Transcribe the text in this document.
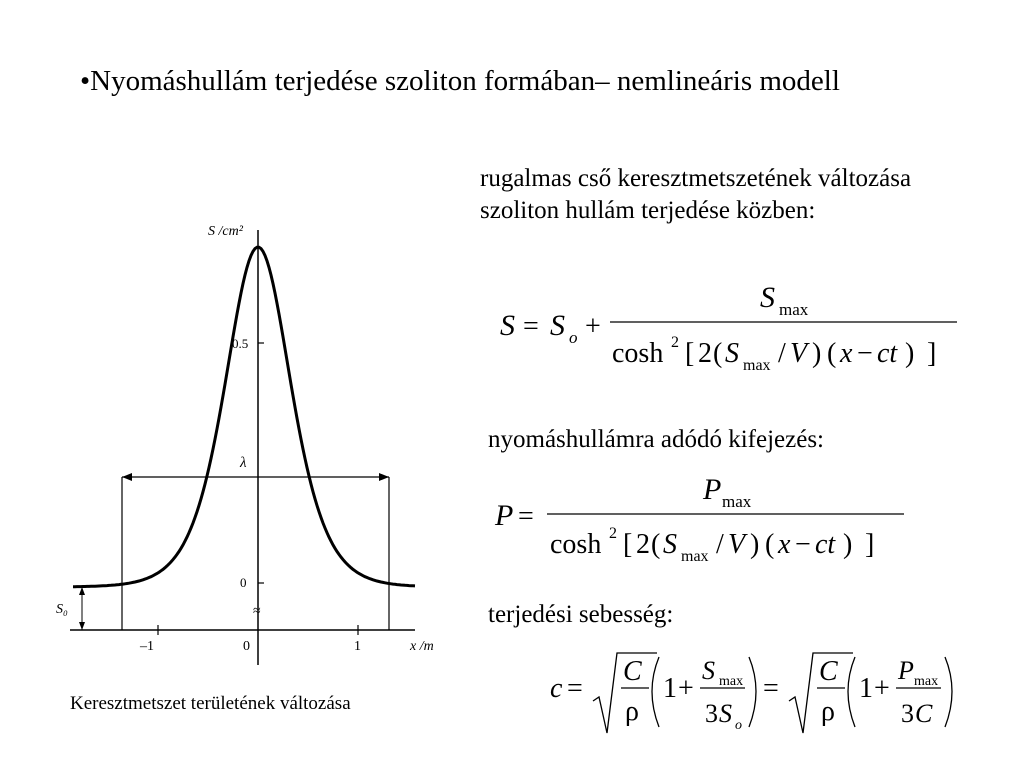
•Nyomáshullám terjedése szoliton formában– nemlineáris modell
rugalmas cső keresztmetszetének változása szoliton hullám terjedése közben:
S = S o +
S max
cosh 2 [ 2 ( S max / V ) ( x − ct ) ]
nyomáshullámra adódó kifejezés:
P =
P max
cosh 2 [ 2 ( S max / V ) ( x − ct ) ]
terjedési sebesség:
c =
C
ρ
1 +
S max
3 S o
=
C
ρ
1 +
P max
3 C
S /cm²
0.5
0
≈
–1	0	1	x /m
S₀
λ
Keresztmetszet területének változása
